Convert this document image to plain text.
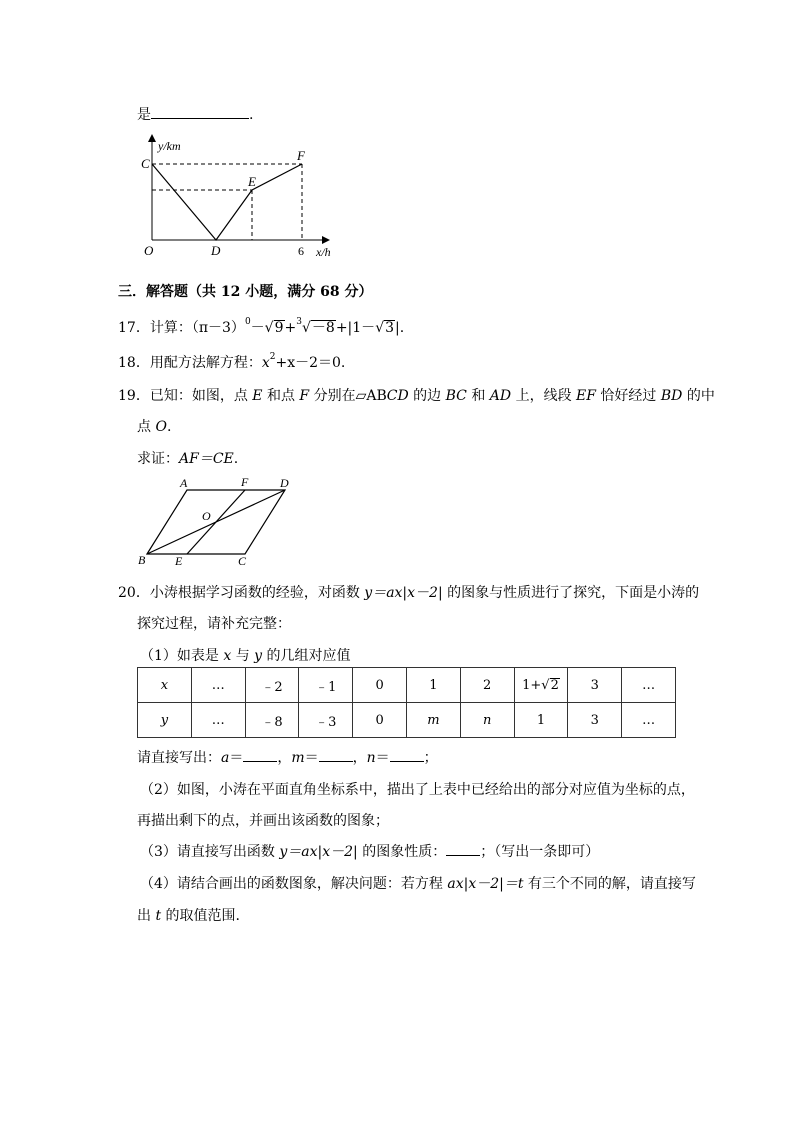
是	.
y/km
x/h
C
O	D
E
F
6
三．解答题（共 12 小题，满分 68 分）
17．计算：$(\pi-3)^0-√9+^3√-8+|1-√3|$.
18．用配方法解方程：$x^2+x-2=0$.
19．已知：如图，点 E 和点 F 分别在▱ABCD 的边 BC 和 AD 上，线段 EF 恰好经过 BD 的中
点 O.
求证：AF＝CE.
A	F	D
O
B E	C
20．小涛根据学习函数的经验，对函数 y＝ax|x－2| 的图象与性质进行了探究，下面是小涛的
探究过程，请补充完整：
（1）如表是 x 与 y 的几组对应值
x	…	﹣2	﹣1	0	1	2	1+√2	3	…
y	…	﹣8	﹣3	0	m	n	1	3	…
请直接写出：a＝ ，m＝ ，n＝ ；
（2）如图，小涛在平面直角坐标系中，描出了上表中已经给出的部分对应值为坐标的点，
再描出剩下的点，并画出该函数的图象；
（3）请直接写出函数 y＝ax|x－2| 的图象性质： ；（写出一条即可）
（4）请结合画出的函数图象，解决问题：若方程 ax|x－2|＝t 有三个不同的解，请直接写
出 t 的取值范围.
